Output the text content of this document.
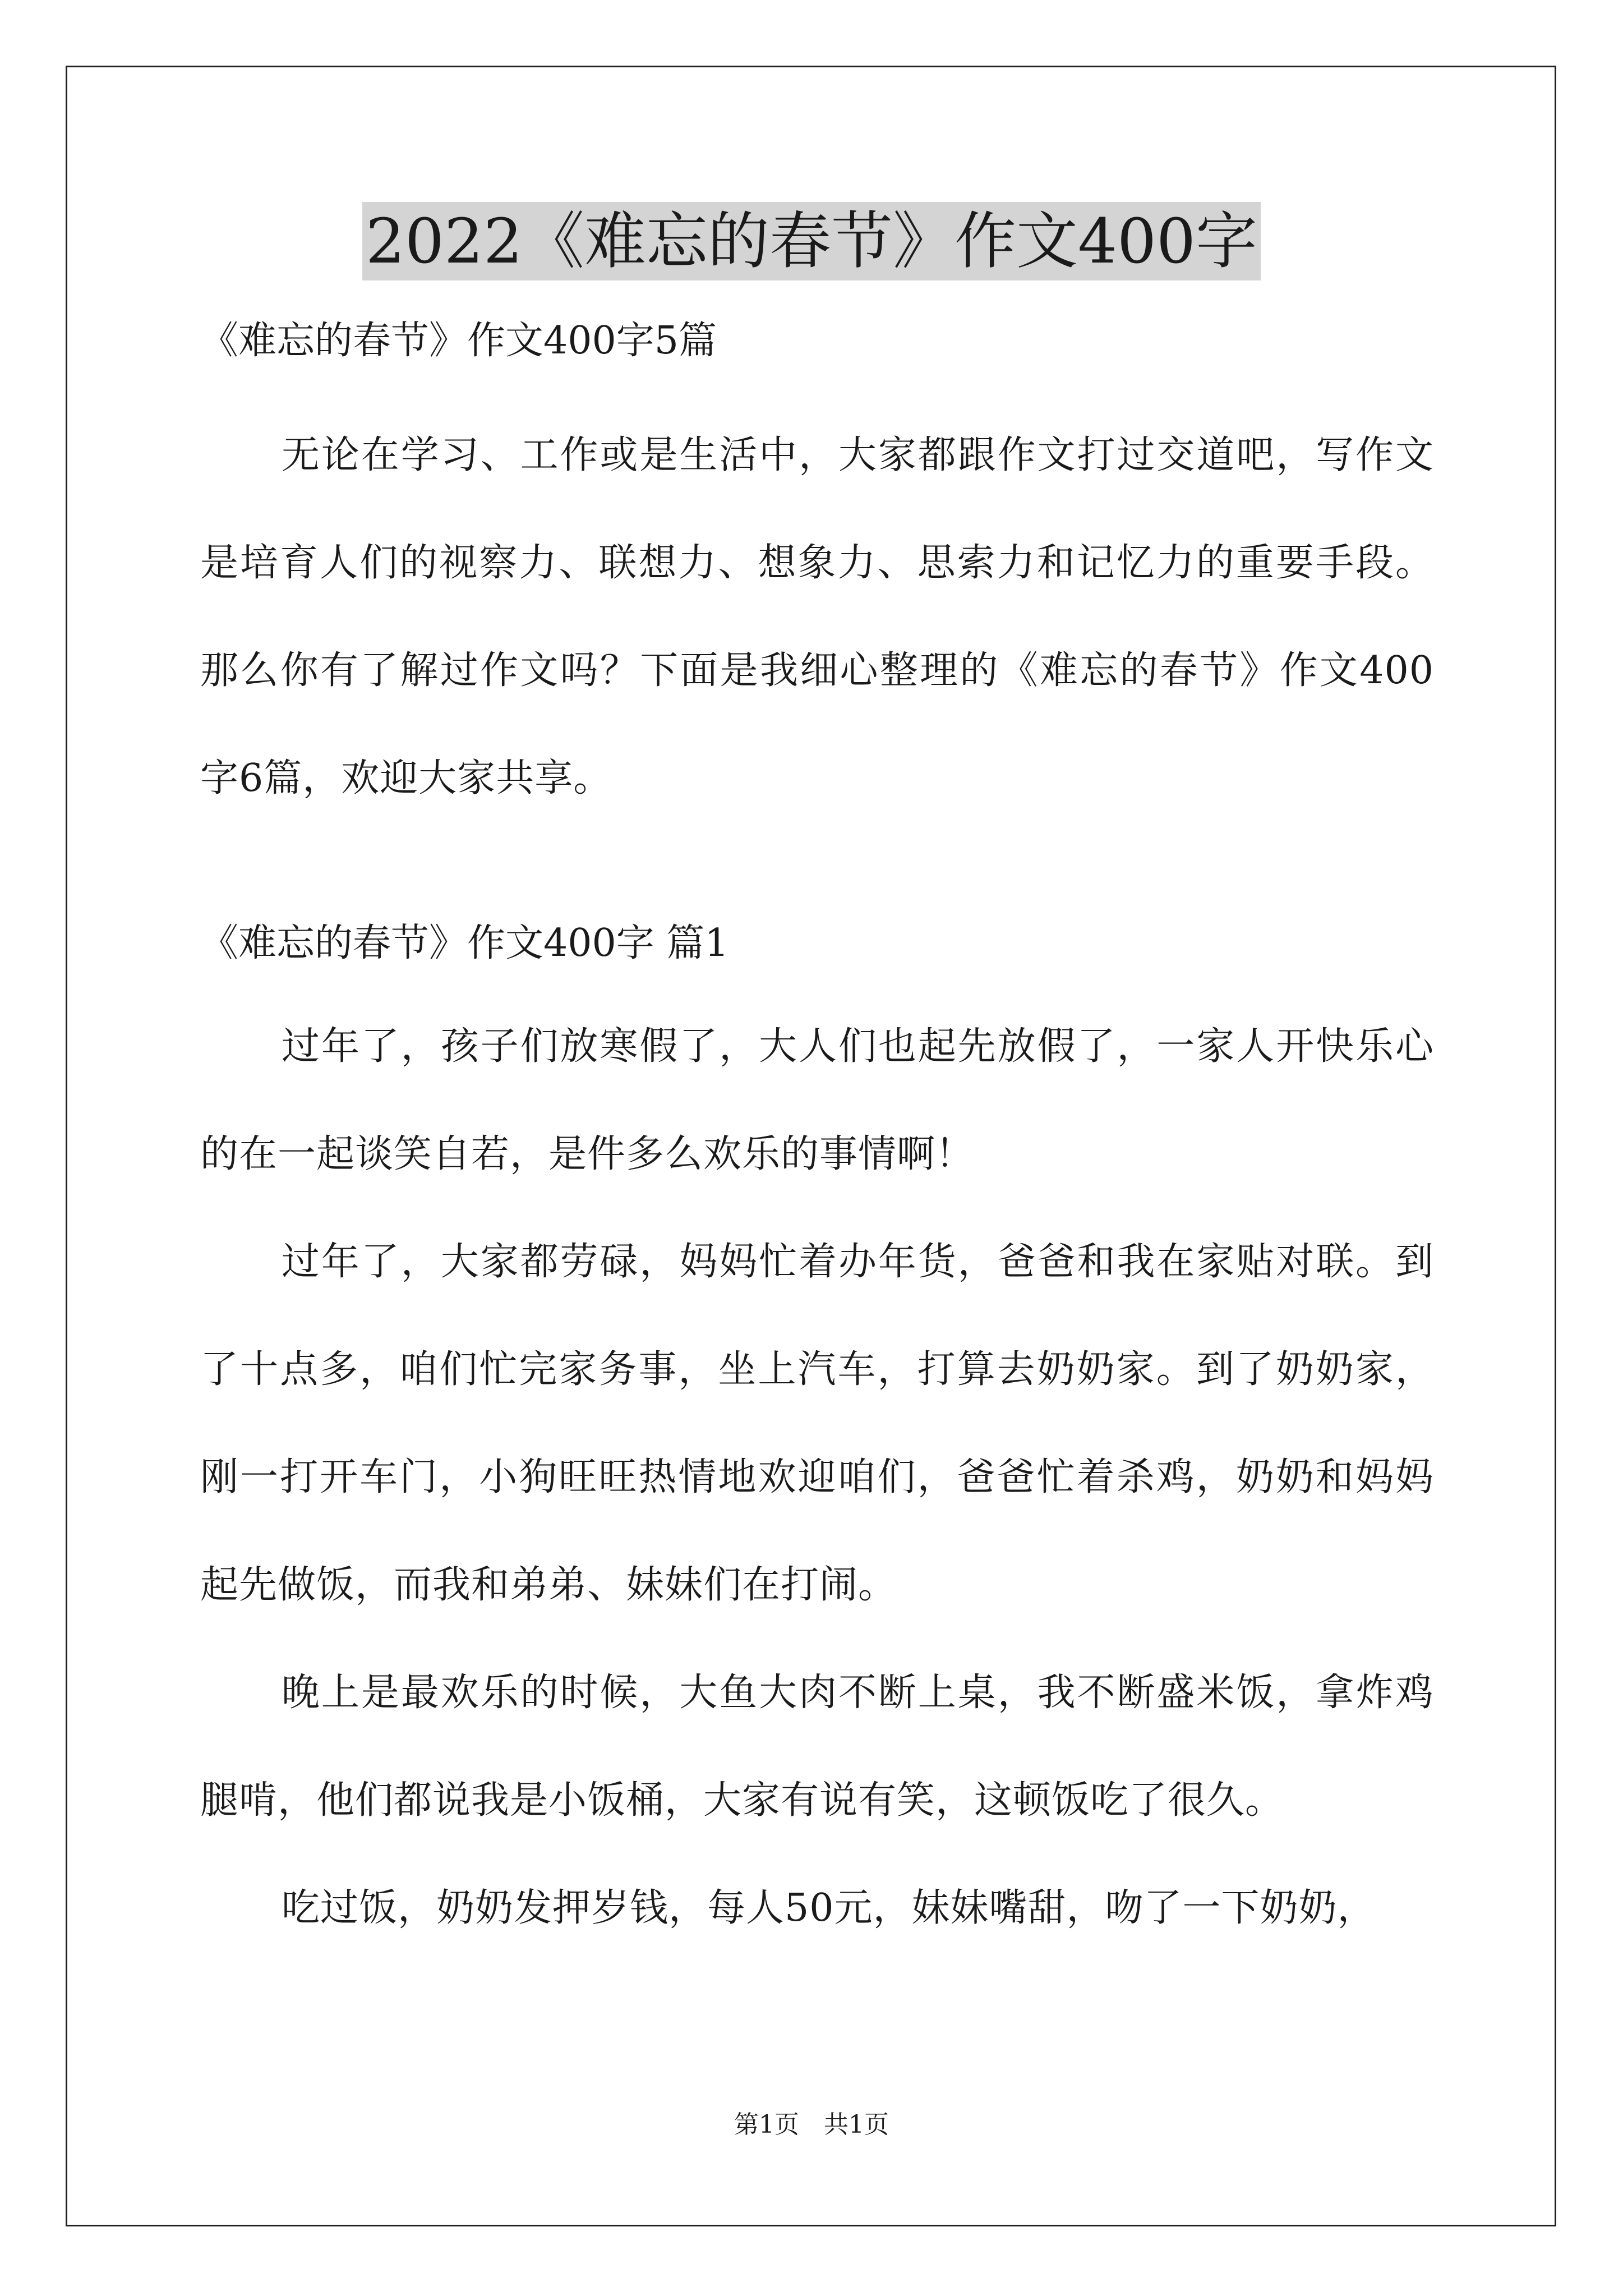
2022《难忘的春节》作文400字

《难忘的春节》作文400字5篇

无论在学习、工作或是生活中，大家都跟作文打过交道吧，写作文是培育人们的视察力、联想力、想象力、思索力和记忆力的重要手段。那么你有了解过作文吗？下面是我细心整理的《难忘的春节》作文400字6篇，欢迎大家共享。

《难忘的春节》作文400字 篇1

过年了，孩子们放寒假了，大人们也起先放假了，一家人开快乐心的在一起谈笑自若，是件多么欢乐的事情啊！

过年了，大家都劳碌，妈妈忙着办年货，爸爸和我在家贴对联。到了十点多，咱们忙完家务事，坐上汽车，打算去奶奶家。到了奶奶家，刚一打开车门，小狗旺旺热情地欢迎咱们，爸爸忙着杀鸡，奶奶和妈妈起先做饭，而我和弟弟、妹妹们在打闹。

晚上是最欢乐的时候，大鱼大肉不断上桌，我不断盛米饭，拿炸鸡腿啃，他们都说我是小饭桶，大家有说有笑，这顿饭吃了很久。

吃过饭，奶奶发押岁钱，每人50元，妹妹嘴甜，吻了一下奶奶，

第1页　共1页
